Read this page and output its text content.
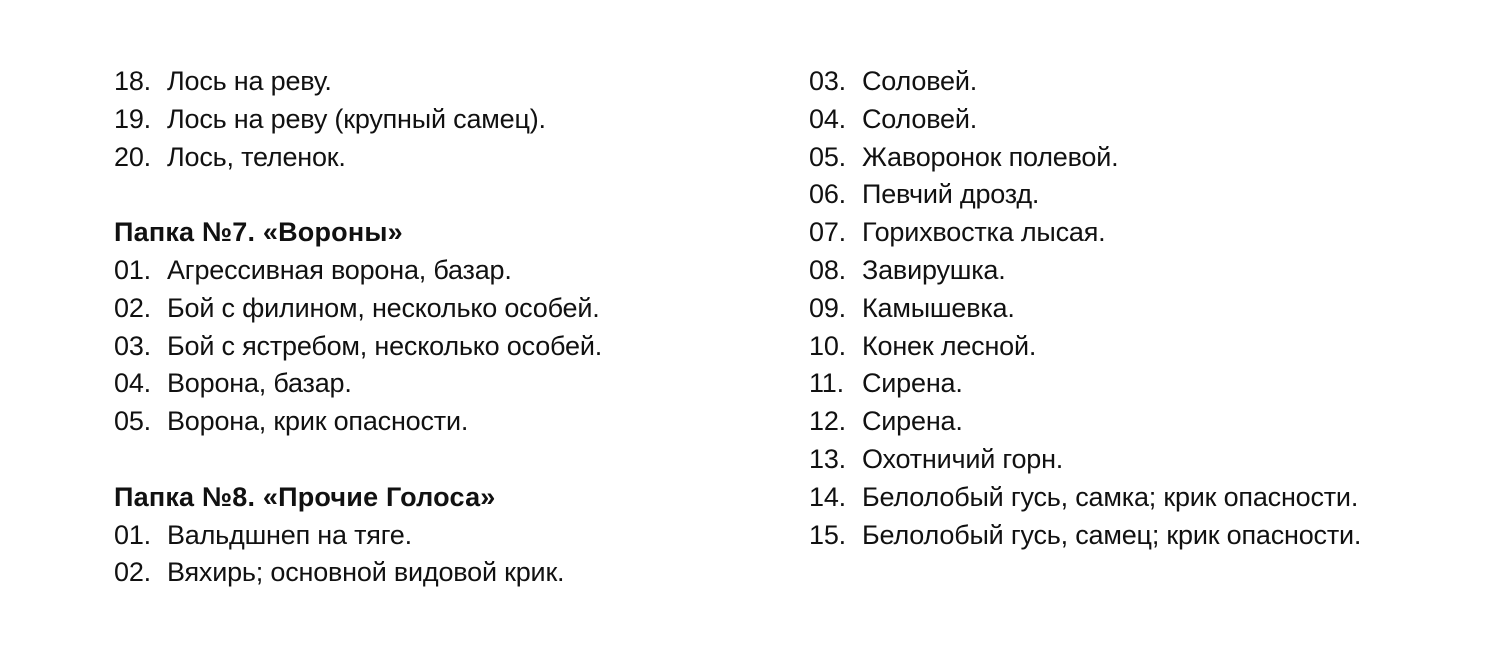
18. Лось на реву.
19. Лось на реву (крупный самец).
20. Лось, теленок.
Папка №7. «Вороны»
01. Агрессивная ворона, базар.
02. Бой с филином, несколько особей.
03. Бой с ястребом, несколько особей.
04. Ворона, базар.
05. Ворона, крик опасности.
Папка №8. «Прочие Голоса»
01. Вальдшнеп на тяге.
02. Вяхирь; основной видовой крик.
03. Соловей.
04. Соловей.
05. Жаворонок полевой.
06. Певчий дрозд.
07. Горихвостка лысая.
08. Завирушка.
09. Камышевка.
10. Конек лесной.
11. Сирена.
12. Сирена.
13. Охотничий горн.
14. Белолобый гусь, самка; крик опасности.
15. Белолобый гусь, самец; крик опасности.
